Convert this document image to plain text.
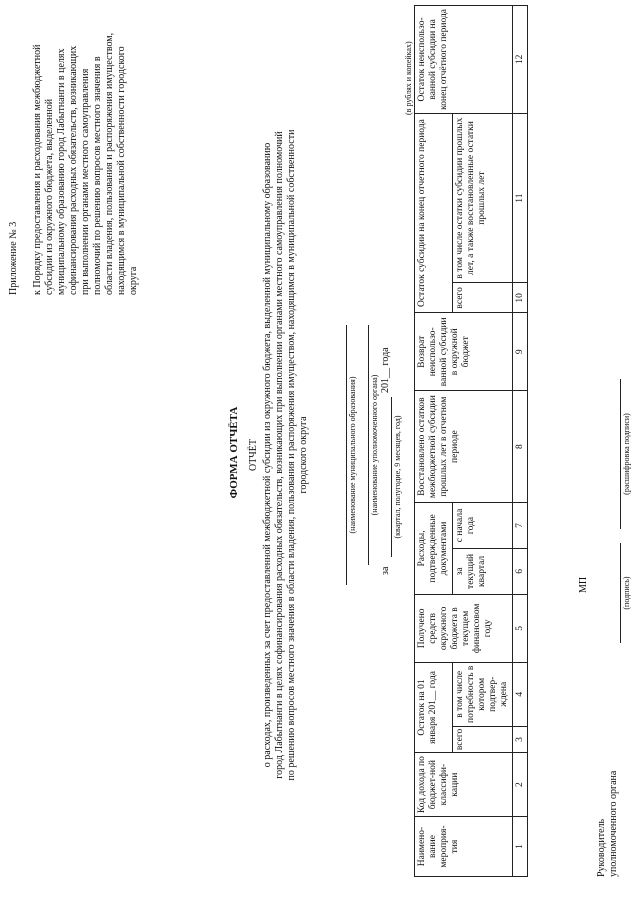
Приложение № 3 к Порядку предоставления и расходования межбюджетной субсидии из окружного бюджета, выделенной муниципальному образованию город Лабытнанги в целях софинансирования расходных обязательств, возникающих при выполнении органами местного самоуправления полномочий по решению вопросов местного значения в области владения, пользования и распоряжения имуществом, находящимся в муниципальной собственности городского округа
ФОРМА ОТЧЁТА ОТЧЁТ о расходах, произведенных за счет предоставленной межбюджетной субсидии из окружного бюджета, выделенной муниципальному образованию город Лабытнанги в целях софинансирования расходных обязательств, возникающих при выполнении органами местного самоуправления полномочий по решению вопросов местного значения в области владения, пользования и распоряжения имуществом, находящимся в муниципальной собственности городского округа	(наименование муниципального образования) (наименование уполномоченного органа)
за
201__ года
(квартал, полугодие, 9 месяцев, год)
(в рублях и копейках)
Наимено-вание мероприя-тия	Код дохода по бюджет-ной классифи-кации	Остаток на 01 января 201__ года		Получено средств окружного бюджета в текущем финансовом году	Расходы, подтвержденные документами		Восстановлено остатков межбюджетной субсидии прошлых лет в отчетном периоде	Возврат неиспользо-ванной субсидии в окружной бюджет	Остаток субсидии на конец отчетного периода		Остаток неиспользо-ванной субсидии на конец отчётного периода
		всего	в том числе потребность в котором подтвер-ждена		за текущий квартал	с начала года			всего	в том числе остатки субсидии прошлых лет, а также восстановленные остатки прошлых лет	
1	2	3	4	5	6	7	8	9	10	11	12
Руководитель уполномоченного органа
(подпись)
(расшифровка подписи)
МП
